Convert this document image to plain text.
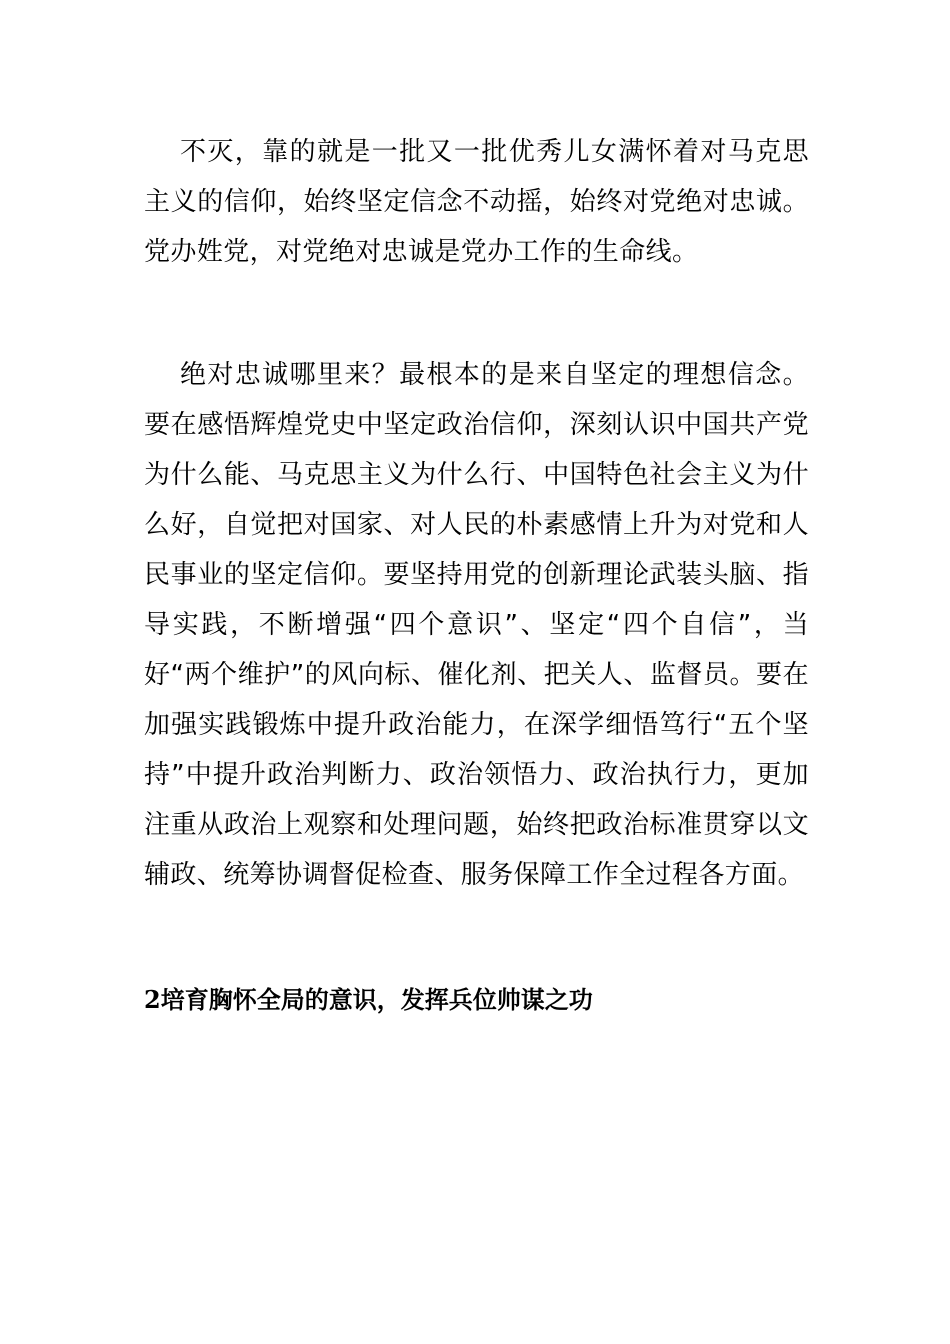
不灭，靠的就是一批又一批优秀儿女满怀着对马克思主义的信仰，始终坚定信念不动摇，始终对党绝对忠诚。党办姓党，对党绝对忠诚是党办工作的生命线。

绝对忠诚哪里来？最根本的是来自坚定的理想信念。要在感悟辉煌党史中坚定政治信仰，深刻认识中国共产党为什么能、马克思主义为什么行、中国特色社会主义为什么好，自觉把对国家、对人民的朴素感情上升为对党和人民事业的坚定信仰。要坚持用党的创新理论武装头脑、指导实践，不断增强“四个意识”、坚定“四个自信”，当好“两个维护”的风向标、催化剂、把关人、监督员。要在加强实践锻炼中提升政治能力，在深学细悟笃行“五个坚持”中提升政治判断力、政治领悟力、政治执行力，更加注重从政治上观察和处理问题，始终把政治标准贯穿以文辅政、统筹协调督促检查、服务保障工作全过程各方面。

2培育胸怀全局的意识，发挥兵位帅谋之功
